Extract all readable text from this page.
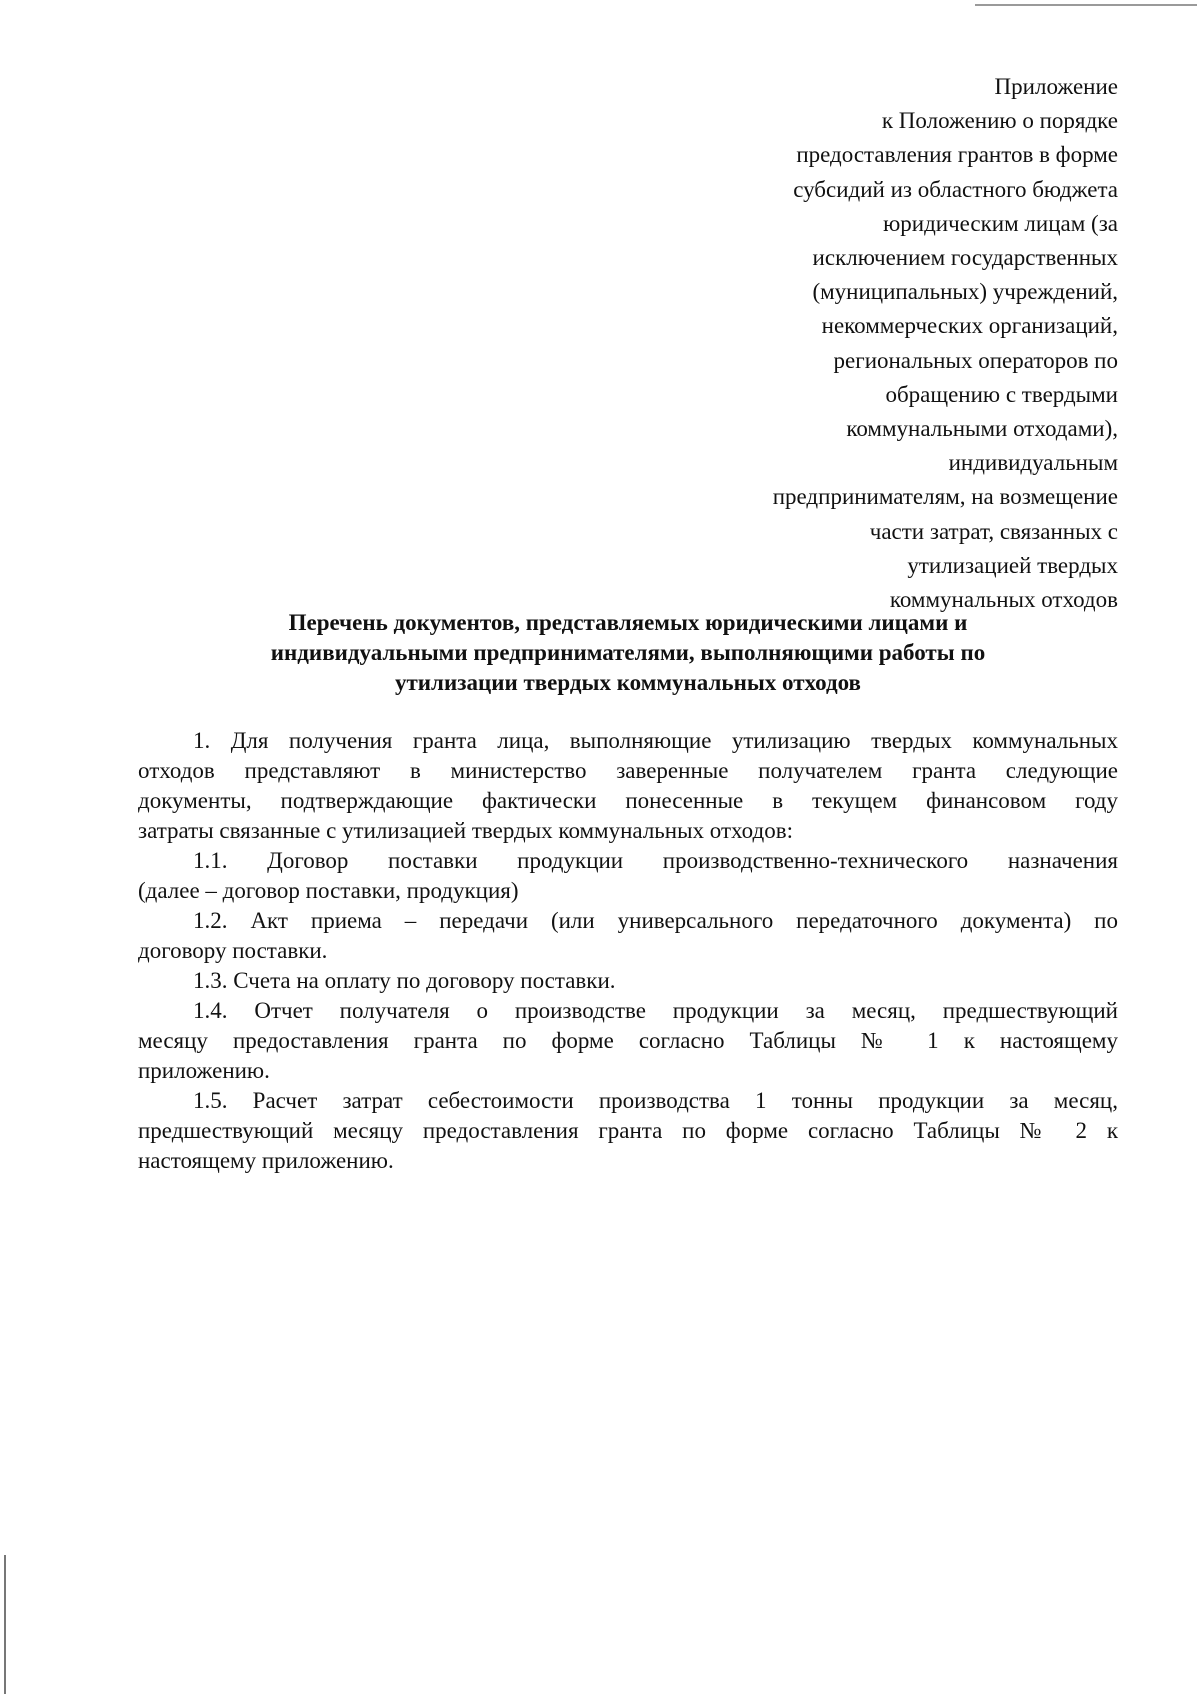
Приложение
к Положению о порядке
предоставления грантов в форме
субсидий из областного бюджета
юридическим лицам (за
исключением государственных
(муниципальных) учреждений,
некоммерческих организаций,
региональных операторов по
обращению с твердыми
коммунальными отходами),
индивидуальным
предпринимателям, на возмещение
части затрат, связанных с
утилизацией твердых
коммунальных отходов
Перечень документов, представляемых юридическими лицами и
индивидуальными предпринимателями, выполняющими работы по
утилизации твердых коммунальных отходов
1. Для получения гранта лица, выполняющие утилизацию твердых коммунальных
отходов представляют в министерство заверенные получателем гранта следующие
документы, подтверждающие фактически понесенные в текущем финансовом году
затраты связанные с утилизацией твердых коммунальных отходов:
1.1. Договор поставки продукции производственно-технического назначения
(далее – договор поставки, продукция)
1.2. Акт приема – передачи (или универсального передаточного документа) по
договору поставки.
1.3. Счета на оплату по договору поставки.
1.4. Отчет получателя о производстве продукции за месяц, предшествующий
месяцу предоставления гранта по форме согласно Таблицы № 1 к настоящему
приложению.
1.5. Расчет затрат себестоимости производства 1 тонны продукции за месяц,
предшествующий месяцу предоставления гранта по форме согласно Таблицы № 2 к
настоящему приложению.
